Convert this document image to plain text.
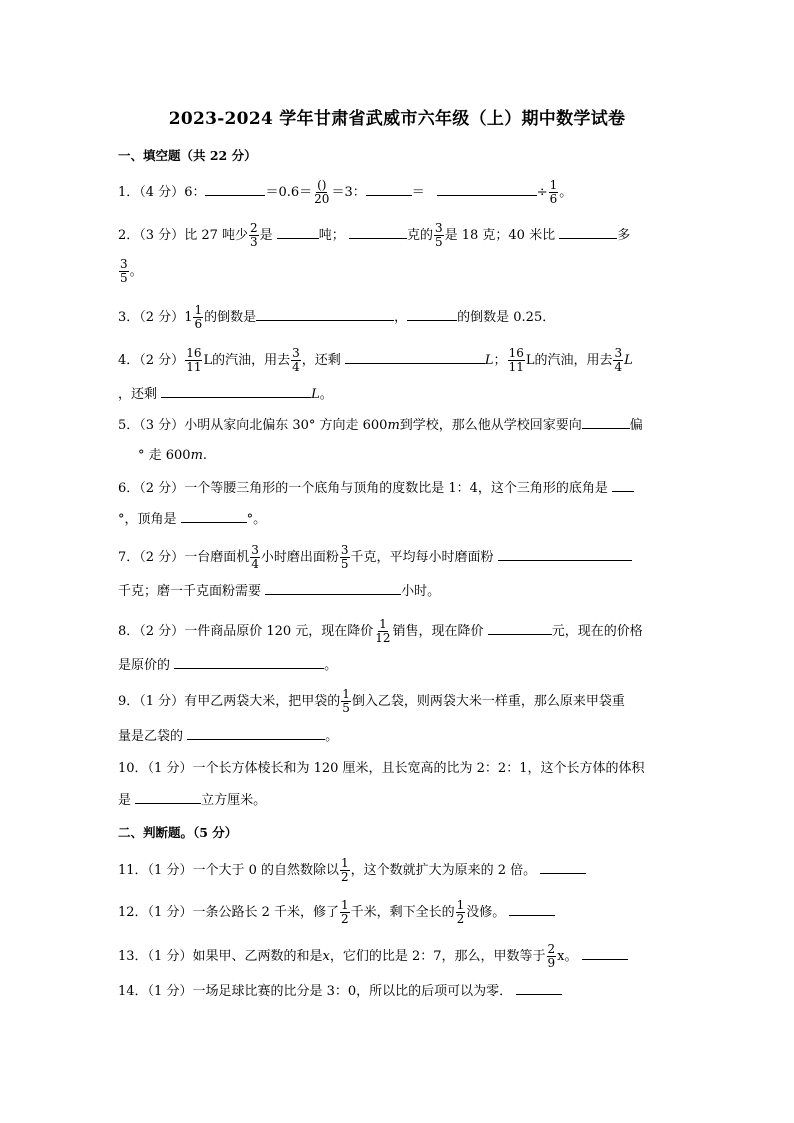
2023-2024 学年甘肃省武威市六年级（上）期中数学试卷
一、填空题（共 22 分）
1．（4 分）6：	$=0.6= \frac{()}{20} =3$：	＝	÷ $\frac{1}{6}$ 。
2．（3 分）比 27 吨少 $\frac{2}{3}$ 是	吨；	克的 $\frac{3}{5}$ 是 18 克；40 米比	多
$\frac{3}{5}$ 。
3．（2 分） $1 \frac{1}{6}$ 的倒数是	，	的倒数是 0.25．
4．（2 分） $\frac{16}{11}$ L的汽油，用去 $\frac{3}{4}$ ，还剩	L； $\frac{16}{11}$ L的汽油，用去 $\frac{3}{4}$ L
，还剩	L。
5．（3 分）小明从家向北偏东 30° 方向走 600m到学校，那么他从学校回家要向	偏
° 走 600m.
6．（2 分）一个等腰三角形的一个底角与顶角的度数比是 1：4，这个三角形的底角是
°，顶角是	°。
7．（2 分）一台磨面机 $\frac{3}{4}$ 小时磨出面粉 $\frac{3}{5}$ 千克，平均每小时磨面粉
千克；磨一千克面粉需要	小时。
8．（2 分）一件商品原价 120 元，现在降价 $\frac{1}{12}$ 销售，现在降价	元，现在的价格
是原价的	。
9．（1 分）有甲乙两袋大米，把甲袋的 $\frac{1}{5}$ 倒入乙袋，则两袋大米一样重，那么原来甲袋重
量是乙袋的	。
10．（1 分）一个长方体棱长和为 120 厘米，且长宽高的比为 2：2：1，这个长方体的体积
是	立方厘米。
二、判断题。（5 分）
11．（1 分）一个大于 0 的自然数除以 $\frac{1}{2}$ ，这个数就扩大为原来的 2 倍。
12．（1 分）一条公路长 2 千米，修了 $\frac{1}{2}$ 千米，剩下全长的 $\frac{1}{2}$ 没修。
13．（1 分）如果甲、乙两数的和是x，它们的比是 2：7，那么，甲数等于 $\frac{2}{9}$ x。
14．（1 分）一场足球比赛的比分是 3：0，所以比的后项可以为零．
